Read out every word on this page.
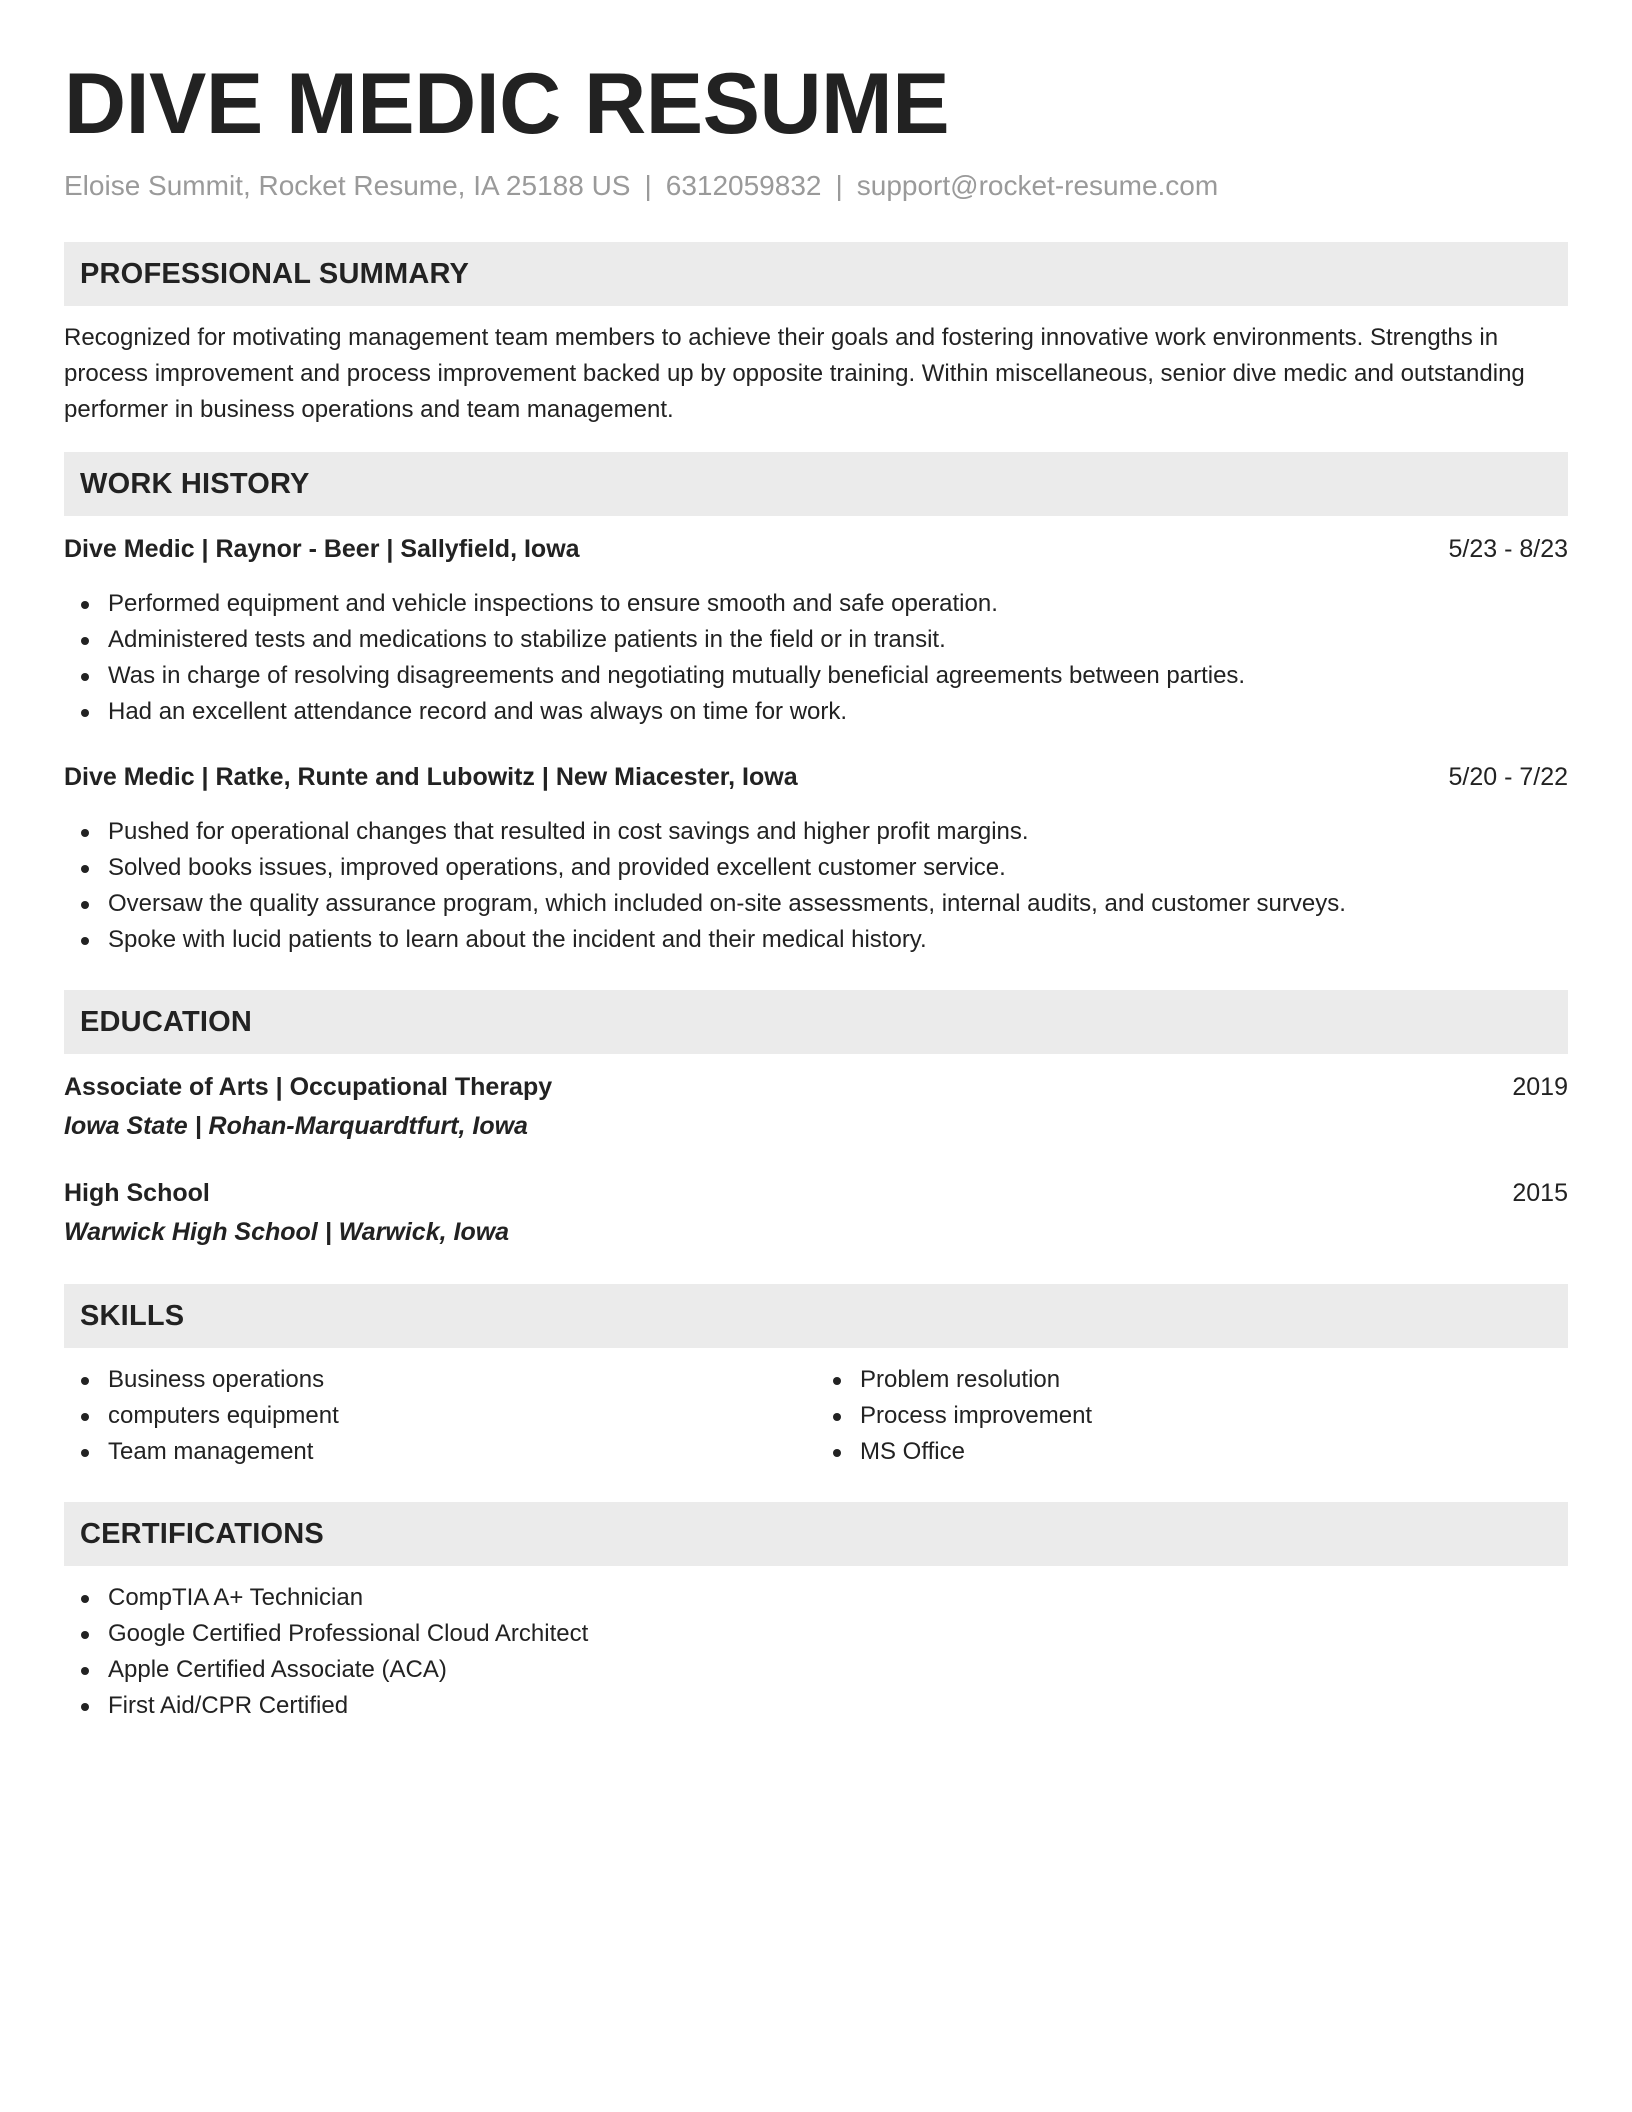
DIVE MEDIC RESUME
Eloise Summit, Rocket Resume, IA 25188 US | 6312059832 | support@rocket-resume.com
PROFESSIONAL SUMMARY

Recognized for motivating management team members to achieve their goals and fostering innovative work environments. Strengths in process improvement and process improvement backed up by opposite training. Within miscellaneous, senior dive medic and outstanding performer in business operations and team management.

WORK HISTORY
Dive Medic | Raynor - Beer | Sallyfield, Iowa	5/23 - 8/23
Performed equipment and vehicle inspections to ensure smooth and safe operation.
Administered tests and medications to stabilize patients in the field or in transit.
Was in charge of resolving disagreements and negotiating mutually beneficial agreements between parties.
Had an excellent attendance record and was always on time for work.
Dive Medic | Ratke, Runte and Lubowitz | New Miacester, Iowa	5/20 - 7/22
Pushed for operational changes that resulted in cost savings and higher profit margins.
Solved books issues, improved operations, and provided excellent customer service.
Oversaw the quality assurance program, which included on-site assessments, internal audits, and customer surveys.
Spoke with lucid patients to learn about the incident and their medical history.
EDUCATION
Associate of Arts | Occupational Therapy	2019
Iowa State | Rohan-Marquardtfurt, Iowa
High School	2015
Warwick High School | Warwick, Iowa
SKILLS
Business operations
computers equipment
Team management
Problem resolution
Process improvement
MS Office
CERTIFICATIONS
CompTIA A+ Technician
Google Certified Professional Cloud Architect
Apple Certified Associate (ACA)
First Aid/CPR Certified
